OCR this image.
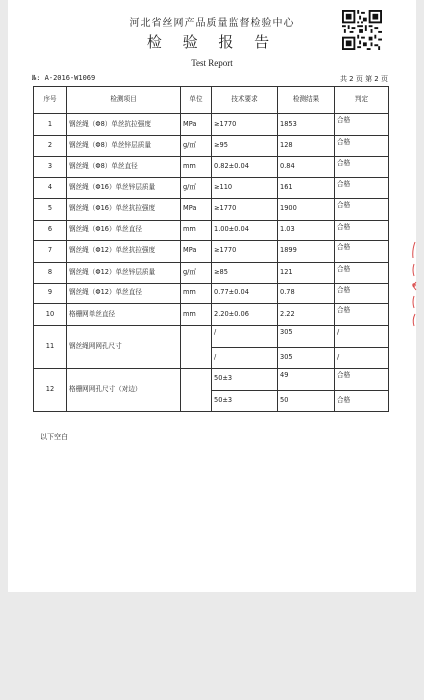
河北省丝网产品质量监督检验中心
检 验 报 告
Test Report
№: A-2016-W1069	共 2 页 第 2 页
序号	检测项目	单位	技术要求	检测结果	判定
1	钢丝绳（Φ8）单丝抗拉强度	MPa	≥1770	1853	合格
2	钢丝绳（Φ8）单丝锌层质量	g/㎡	≥95	128	合格
3	钢丝绳（Φ8）单丝直径	mm	0.82±0.04	0.84	合格
4	钢丝绳（Φ16）单丝锌层质量	g/㎡	≥110	161	合格
5	钢丝绳（Φ16）单丝抗拉强度	MPa	≥1770	1900	合格
6	钢丝绳（Φ16）单丝直径	mm	1.00±0.04	1.03	合格
7	钢丝绳（Φ12）单丝抗拉强度	MPa	≥1770	1899	合格
8	钢丝绳（Φ12）单丝锌层质量	g/㎡	≥85	121	合格
9	钢丝绳（Φ12）单丝直径	mm	0.77±0.04	0.78	合格
10	格栅网单丝直径	mm	2.20±0.06	2.22	合格
11	钢丝绳网网孔尺寸		/	305	/
			/	305	/
12	格栅网网孔尺寸（对边）		50±3	49	合格
			50±3	50	合格
以下空白
